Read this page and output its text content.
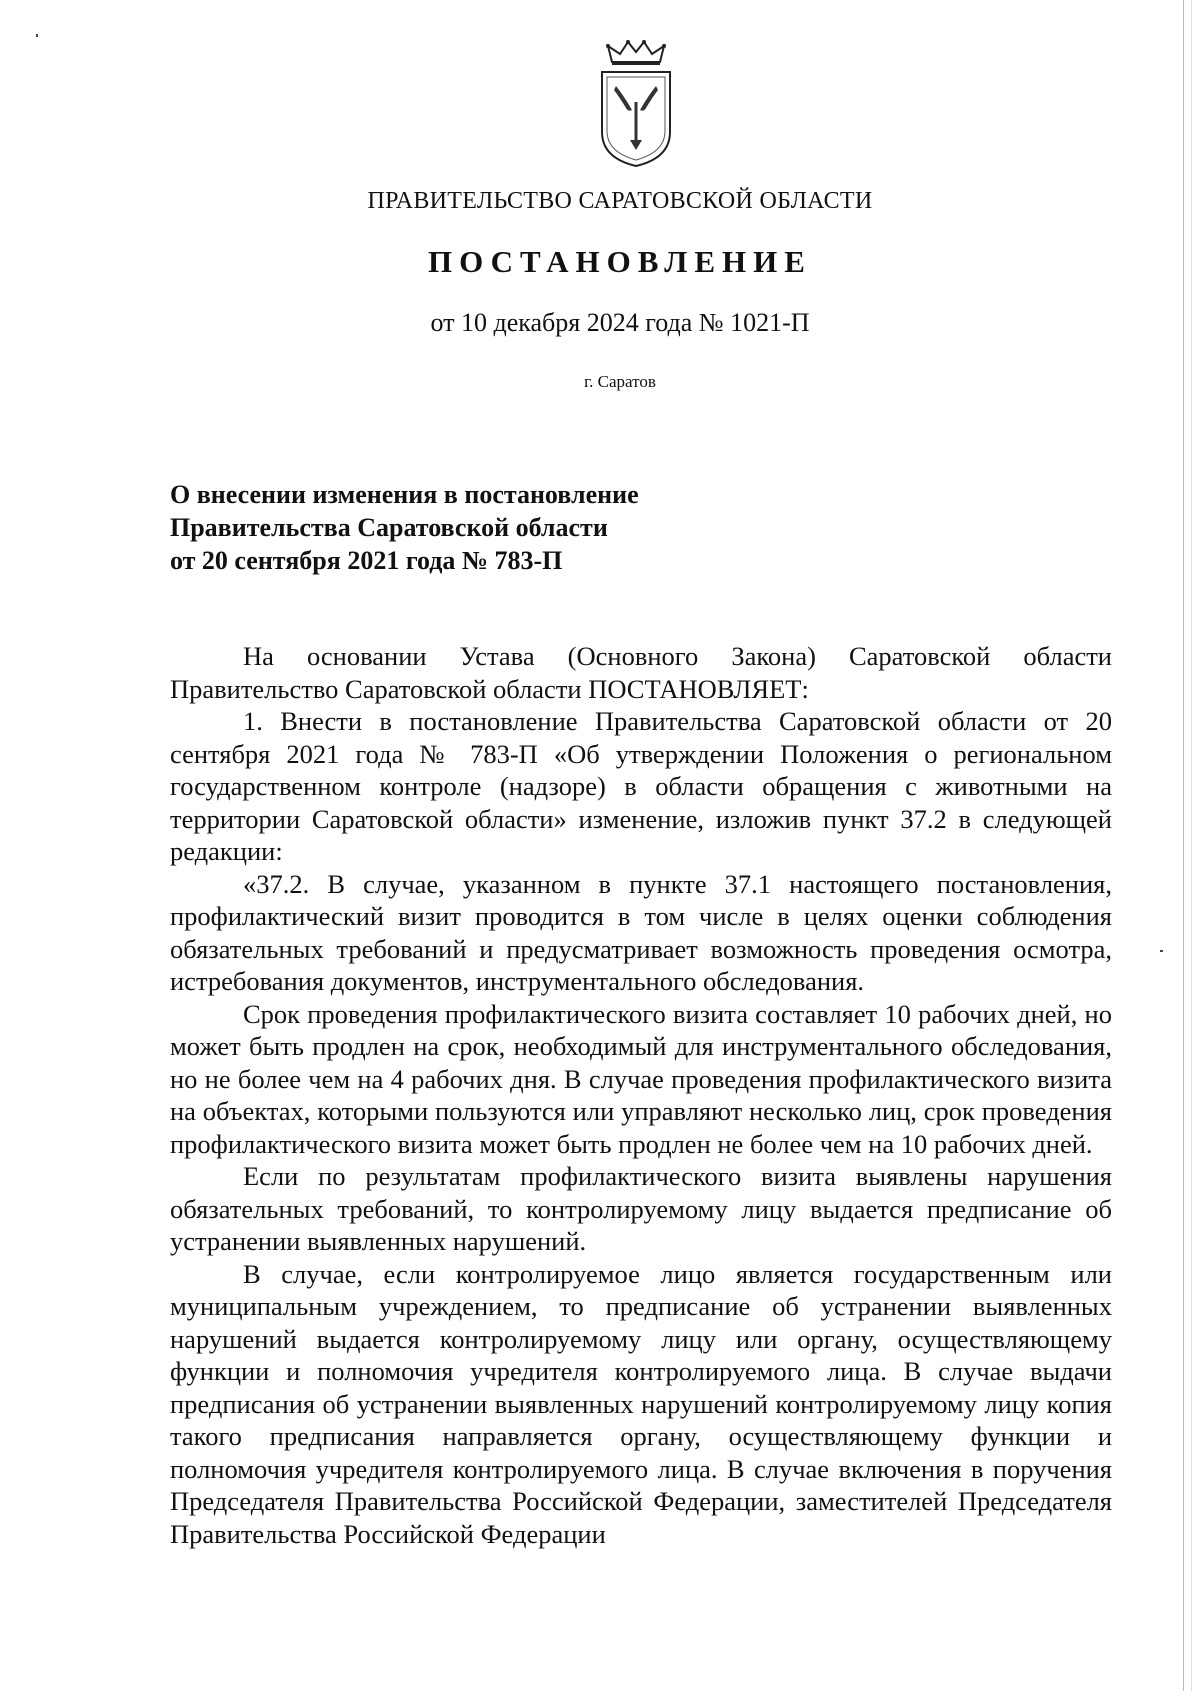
ПРАВИТЕЛЬСТВО САРАТОВСКОЙ ОБЛАСТИ
ПОСТАНОВЛЕНИЕ
от 10 декабря 2024 года № 1021-П
г. Саратов
О внесении изменения в постановление
Правительства Саратовской области
от 20 сентября 2021 года № 783-П

На основании Устава (Основного Закона) Саратовской области Правительство Саратовской области ПОСТАНОВЛЯЕТ:

1. Внести в постановление Правительства Саратовской области от 20 сентября 2021 года № 783-П «Об утверждении Положения о региональном государственном контроле (надзоре) в области обращения с животными на территории Саратовской области» изменение, изложив пункт 37.2 в следующей редакции:

«37.2. В случае, указанном в пункте 37.1 настоящего постановления, профилактический визит проводится в том числе в целях оценки соблюдения обязательных требований и предусматривает возможность проведения осмотра, истребования документов, инструментального обследования.

Срок проведения профилактического визита составляет 10 рабочих дней, но может быть продлен на срок, необходимый для инструментального обследования, но не более чем на 4 рабочих дня. В случае проведения профилактического визита на объектах, которыми пользуются или управляют несколько лиц, срок проведения профилактического визита может быть продлен не более чем на 10 рабочих дней.

Если по результатам профилактического визита выявлены нарушения обязательных требований, то контролируемому лицу выдается предписание об устранении выявленных нарушений.

В случае, если контролируемое лицо является государственным или муниципальным учреждением, то предписание об устранении выявленных нарушений выдается контролируемому лицу или органу, осуществляющему функции и полномочия учредителя контролируемого лица. В случае выдачи предписания об устранении выявленных нарушений контролируемому лицу копия такого предписания направляется органу, осуществляющему функции и полномочия учредителя контролируемого лица. В случае включения в поручения Председателя Правительства Российской Федерации, заместителей Председателя Правительства Российской Федерации
